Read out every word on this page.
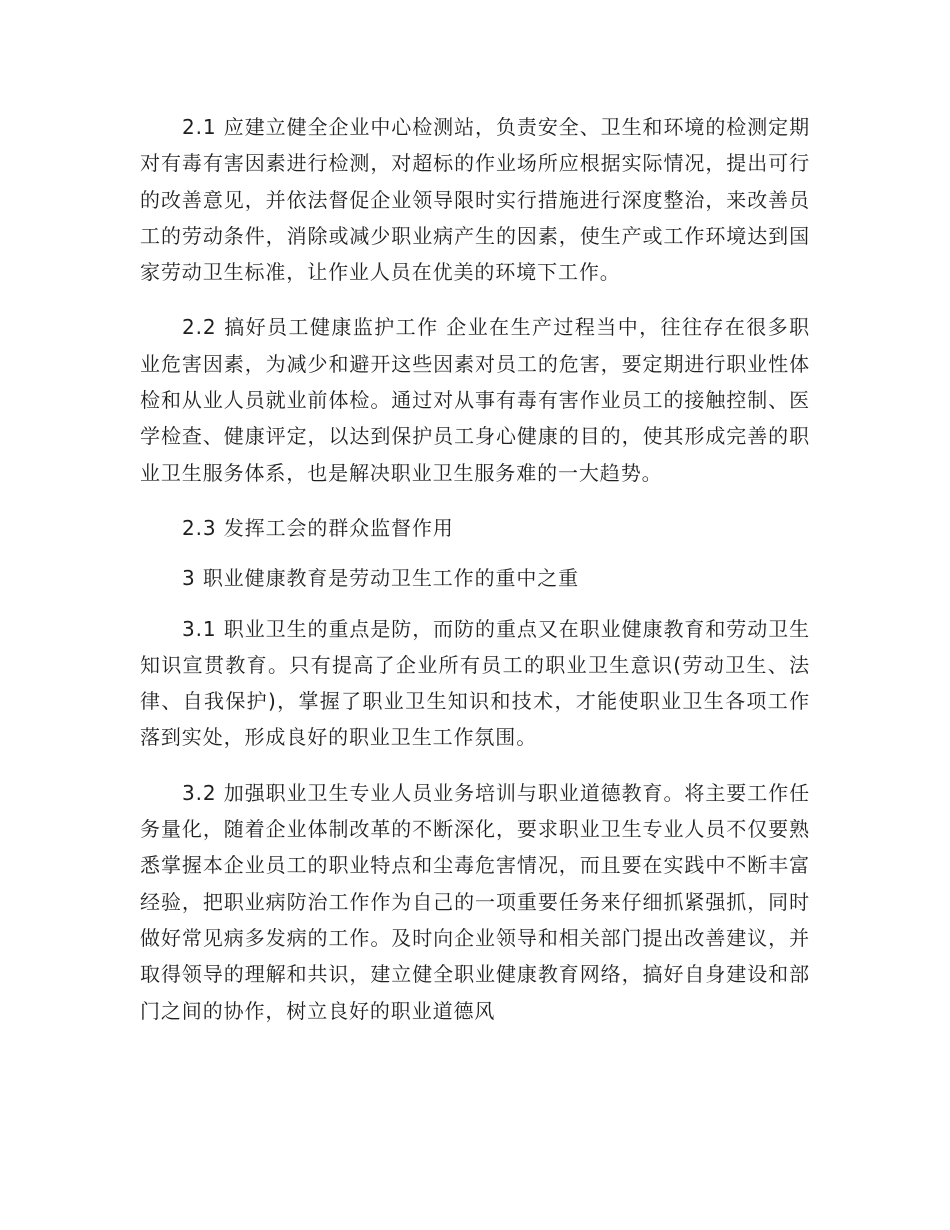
2.1 应建立健全企业中心检测站，负责安全、卫生和环境的检测定期对有毒有害因素进行检测，对超标的作业场所应根据实际情况，提出可行的改善意见，并依法督促企业领导限时实行措施进行深度整治，来改善员工的劳动条件，消除或减少职业病产生的因素，使生产或工作环境达到国家劳动卫生标准，让作业人员在优美的环境下工作。

2.2 搞好员工健康监护工作 企业在生产过程当中，往往存在很多职业危害因素，为减少和避开这些因素对员工的危害，要定期进行职业性体检和从业人员就业前体检。通过对从事有毒有害作业员工的接触控制、医学检查、健康评定，以达到保护员工身心健康的目的，使其形成完善的职业卫生服务体系，也是解决职业卫生服务难的一大趋势。

2.3 发挥工会的群众监督作用

3 职业健康教育是劳动卫生工作的重中之重

3.1 职业卫生的重点是防，而防的重点又在职业健康教育和劳动卫生知识宣贯教育。只有提高了企业所有员工的职业卫生意识(劳动卫生、法律、自我保护)，掌握了职业卫生知识和技术，才能使职业卫生各项工作落到实处，形成良好的职业卫生工作氛围。

3.2 加强职业卫生专业人员业务培训与职业道德教育。将主要工作任务量化，随着企业体制改革的不断深化，要求职业卫生专业人员不仅要熟悉掌握本企业员工的职业特点和尘毒危害情况，而且要在实践中不断丰富经验，把职业病防治工作作为自己的一项重要任务来仔细抓紧强抓，同时做好常见病多发病的工作。及时向企业领导和相关部门提出改善建议，并取得领导的理解和共识，建立健全职业健康教育网络，搞好自身建设和部门之间的协作，树立良好的职业道德风
